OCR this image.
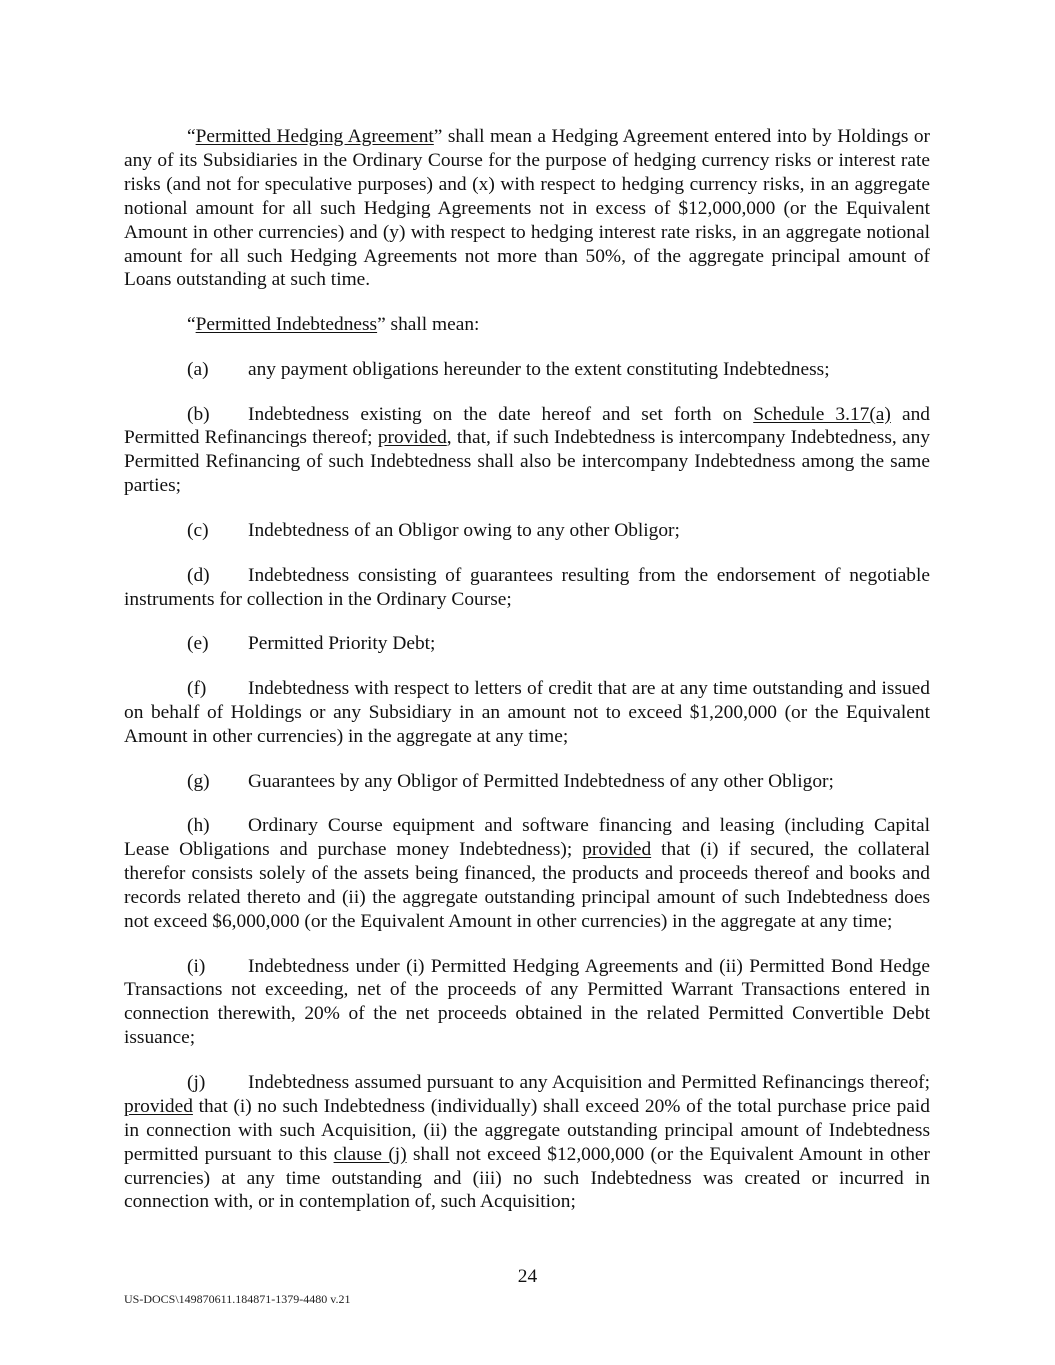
“Permitted Hedging Agreement” shall mean a Hedging Agreement entered into by Holdings or any of its Subsidiaries in the Ordinary Course for the purpose of hedging currency risks or interest rate risks (and not for speculative purposes) and (x) with respect to hedging currency risks, in an aggregate notional amount for all such Hedging Agreements not in excess of $12,000,000 (or the Equivalent Amount in other currencies) and (y) with respect to hedging interest rate risks, in an aggregate notional amount for all such Hedging Agreements not more than 50%, of the aggregate principal amount of Loans outstanding at such time.

“Permitted Indebtedness” shall mean:

(a) any payment obligations hereunder to the extent constituting Indebtedness;

(b) Indebtedness existing on the date hereof and set forth on Schedule 3.17(a) and Permitted Refinancings thereof; provided, that, if such Indebtedness is intercompany Indebtedness, any Permitted Refinancing of such Indebtedness shall also be intercompany Indebtedness among the same parties;

(c) Indebtedness of an Obligor owing to any other Obligor;

(d) Indebtedness consisting of guarantees resulting from the endorsement of negotiable instruments for collection in the Ordinary Course;

(e) Permitted Priority Debt;

(f) Indebtedness with respect to letters of credit that are at any time outstanding and issued on behalf of Holdings or any Subsidiary in an amount not to exceed $1,200,000 (or the Equivalent Amount in other currencies) in the aggregate at any time;

(g) Guarantees by any Obligor of Permitted Indebtedness of any other Obligor;

(h) Ordinary Course equipment and software financing and leasing (including Capital Lease Obligations and purchase money Indebtedness); provided that (i) if secured, the collateral therefor consists solely of the assets being financed, the products and proceeds thereof and books and records related thereto and (ii) the aggregate outstanding principal amount of such Indebtedness does not exceed $6,000,000 (or the Equivalent Amount in other currencies) in the aggregate at any time;

(i) Indebtedness under (i) Permitted Hedging Agreements and (ii) Permitted Bond Hedge Transactions not exceeding, net of the proceeds of any Permitted Warrant Transactions entered in connection therewith, 20% of the net proceeds obtained in the related Permitted Convertible Debt issuance;

(j) Indebtedness assumed pursuant to any Acquisition and Permitted Refinancings thereof; provided that (i) no such Indebtedness (individually) shall exceed 20% of the total purchase price paid in connection with such Acquisition, (ii) the aggregate outstanding principal amount of Indebtedness permitted pursuant to this clause (j) shall not exceed $12,000,000 (or the Equivalent Amount in other currencies) at any time outstanding and (iii) no such Indebtedness was created or incurred in connection with, or in contemplation of, such Acquisition;

24
US-DOCS\149870611.184871-1379-4480 v.21
